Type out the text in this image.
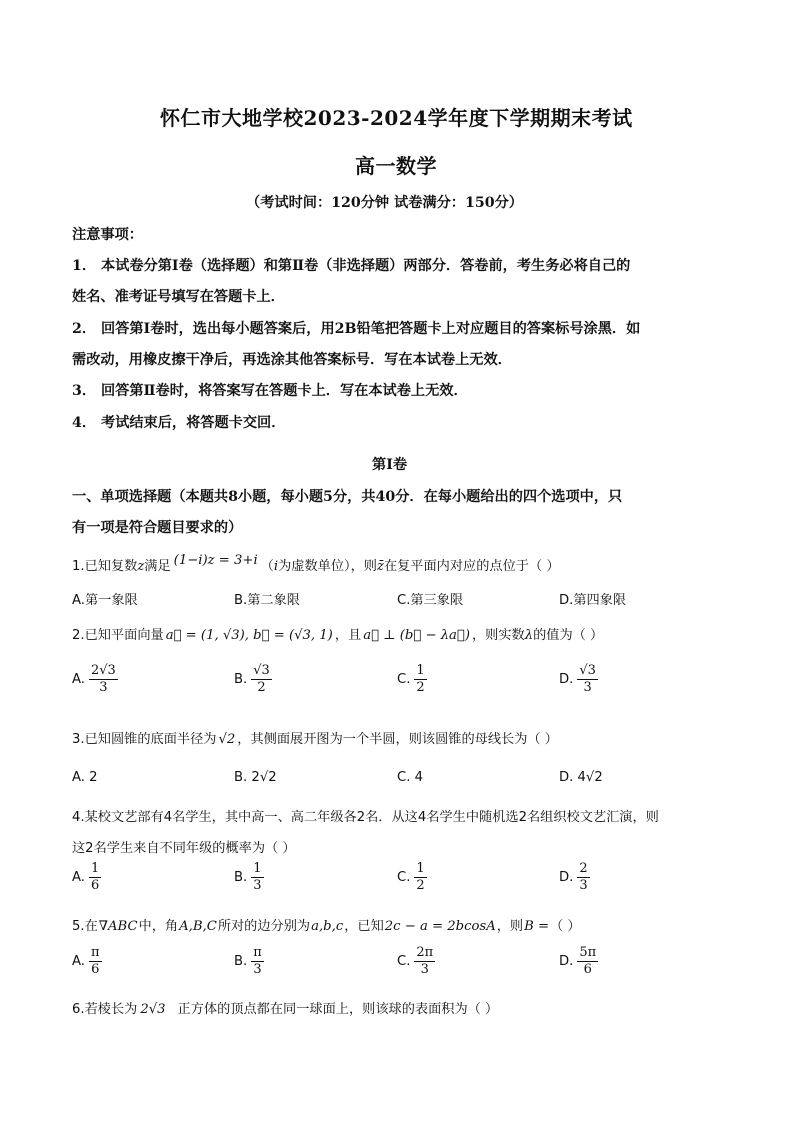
怀仁市大地学校2023-2024学年度下学期期末考试
高一数学
（考试时间：120分钟 试卷满分：150分）
注意事项：
1． 本试卷分第Ⅰ卷（选择题）和第Ⅱ卷（非选择题）两部分．答卷前，考生务必将自己的
姓名、准考证号填写在答题卡上．
2． 回答第Ⅰ卷时，选出每小题答案后，用2B铅笔把答题卡上对应题目的答案标号涂黑．如
需改动，用橡皮擦干净后，再选涂其他答案标号．写在本试卷上无效．
3． 回答第Ⅱ卷时，将答案写在答题卡上．写在本试卷上无效．
4． 考试结束后，将答题卡交回．
第Ⅰ卷
一、单项选择题（本题共8小题，每小题5分，共40分．在每小题给出的四个选项中，只
有一项是符合题目要求的）
1.已知复数z满足 (1−i)z = 3+i （i为虚数单位），则z̄在复平面内对应的点位于（ ）
A.第一象限	B.第二象限	C.第三象限	D.第四象限
2.已知平面向量 a⃗ = (1, √3), b⃗ = (√3, 1) ，且 a⃗ ⊥ (b⃗ − λa⃗) ，则实数λ的值为（ ）
A. $\frac{2√3}{3}$	B. $\frac{√3}{2}$	C. $\frac{1}{2}$	D. $\frac{√3}{3}$
3.已知圆锥的底面半径为 √2 ，其侧面展开图为一个半圆，则该圆锥的母线长为（ ）
A. 2	B. 2√2	C. 4	D. 4√2
4.某校文艺部有4名学生，其中高一、高二年级各2名．从这4名学生中随机选2名组织校文艺汇演，则
这2名学生来自不同年级的概率为（ ）
A. $\frac{1}{6}$	B. $\frac{1}{3}$	C. $\frac{1}{2}$	D. $\frac{2}{3}$
5.在∇ABC中，角A,B,C所对的边分别为a,b,c，已知2c − a = 2bcosA，则B =（ ）
A. $\frac{\pi}{6}$	B. $\frac{\pi}{3}$	C. $\frac{2\pi}{3}$	D. $\frac{5\pi}{6}$
6.若棱长为 2√3 正方体的顶点都在同一球面上，则该球的表面积为（ ）
